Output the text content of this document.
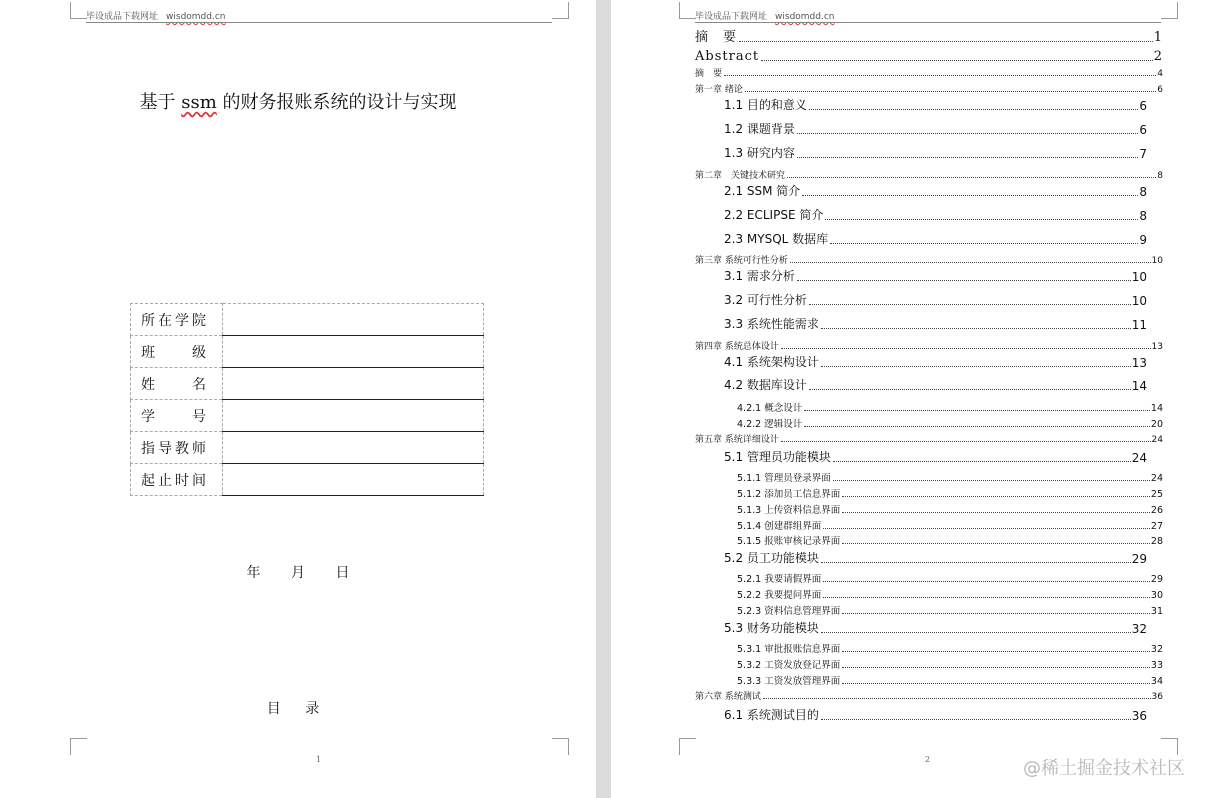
毕设成品下载网址 wisdomdd.cn
基于 ssm 的财务报账系统的设计与实现
所在学院	
班　　级	
姓　　名	
学　　号	
指导教师	
起止时间	
年 月 日
目 录
1
毕设成品下载网址 wisdomdd.cn
摘　要	1
Abstract	2
摘　要	4
第一章 绪论	6
1.1 目的和意义	6
1.2 课题背景	6
1.3 研究内容	7
第二章　关键技术研究	8
2.1 SSM 简介	8
2.2 ECLIPSE 简介	8
2.3 MYSQL 数据库	9
第三章 系统可行性分析	10
3.1 需求分析	10
3.2 可行性分析	10
3.3 系统性能需求	11
第四章 系统总体设计	13
4.1 系统架构设计	13
4.2 数据库设计	14
4.2.1 概念设计	14
4.2.2 逻辑设计	20
第五章 系统详细设计	24
5.1 管理员功能模块	24
5.1.1 管理员登录界面	24
5.1.2 添加员工信息界面	25
5.1.3 上传资料信息界面	26
5.1.4 创建群组界面	27
5.1.5 报账审核记录界面	28
5.2 员工功能模块	29
5.2.1 我要请假界面	29
5.2.2 我要提问界面	30
5.2.3 资料信息管理界面	31
5.3 财务功能模块	32
5.3.1 审批报账信息界面	32
5.3.2 工资发放登记界面	33
5.3.3 工资发放管理界面	34
第六章 系统测试	36
6.1 系统测试目的	36
2	@稀土掘金技术社区
